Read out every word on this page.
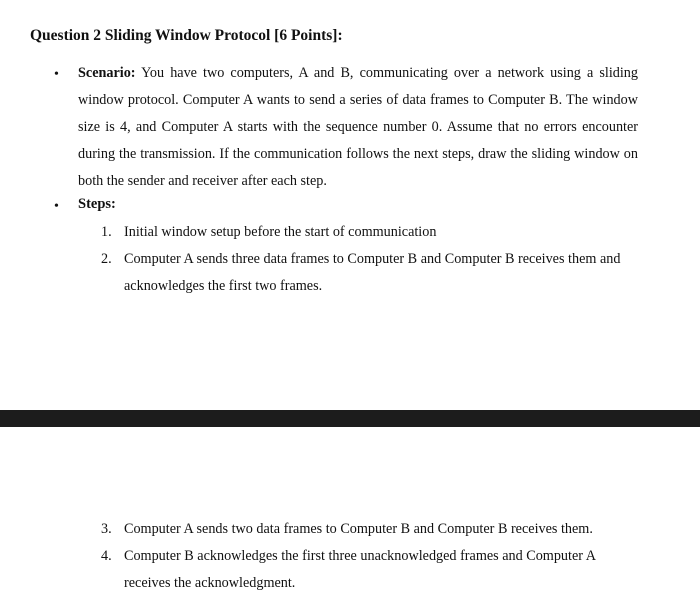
Question 2 Sliding Window Protocol [6 Points]:
• Scenario: You have two computers, A and B, communicating over a network using a sliding window protocol. Computer A wants to send a series of data frames to Computer B. The window size is 4, and Computer A starts with the sequence number 0. Assume that no errors encounter during the transmission. If the communication follows the next steps, draw the sliding window on both the sender and receiver after each step.
• Steps:
1. Initial window setup before the start of communication
2. Computer A sends three data frames to Computer B and Computer B receives them and acknowledges the first two frames.
3. Computer A sends two data frames to Computer B and Computer B receives them.
4. Computer B acknowledges the first three unacknowledged frames and Computer A receives the acknowledgment.
